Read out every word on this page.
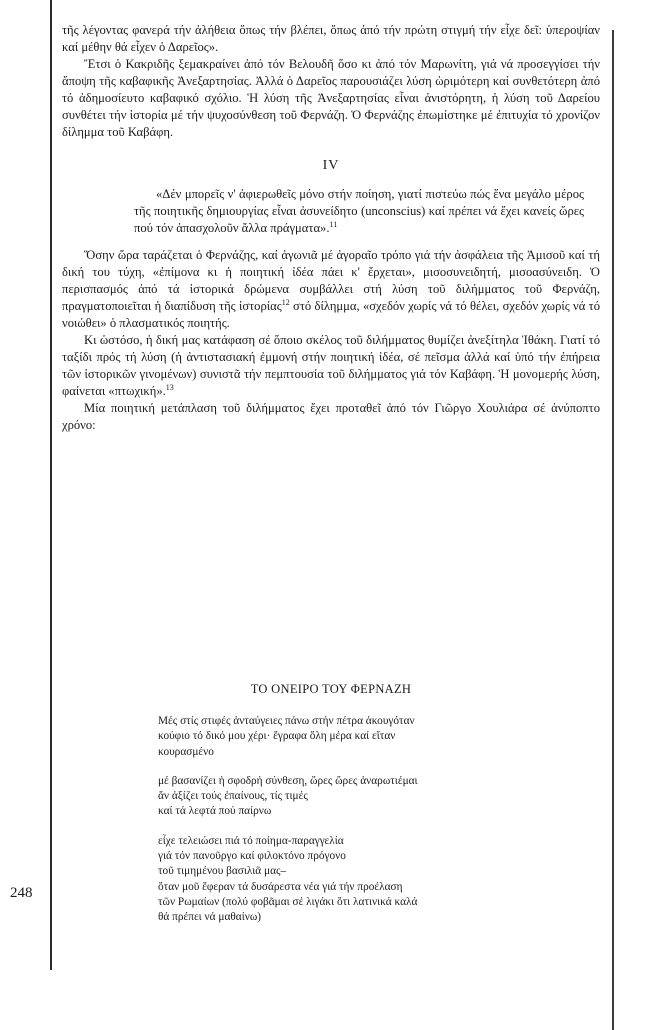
248

τῆς λέγοντας φανερά τήν ἀλήθεια ὅπως τήν βλέπει, ὅπως ἀπό τήν πρώτη στιγμή τήν εἶχε δεῖ: ὑπεροψίαν καί μέθην θά εἶχεν ὁ Δαρεῖος».

Ἔτσι ὁ Κακριδῆς ξεμακραίνει ἀπό τόν Βελουδῆ ὅσο κι ἀπό τόν Μαρωνίτη, γιά νά προσεγγίσει τήν ἄποψη τῆς καβαφικῆς Ἀνεξαρτησίας. Ἀλλά ὁ Δαρεῖος παρουσιάζει λύση ὡριμότερη καί συνθετότερη ἀπό τό ἀδημοσίευτο καβαφικό σχόλιο. Ἡ λύση τῆς Ἀνεξαρτησίας εἶναι ἀνιστόρητη, ἡ λύση τοῦ Δαρείου συνθέτει τήν ἱστορία μέ τήν ψυχοσύνθεση τοῦ Φερνάζη. Ὁ Φερνάζης ἐπωμίστηκε μέ ἐπιτυχία τό χρονίζον δίλημμα τοῦ Καβάφη.

IV

«Δέν μπορεῖς ν' ἀφιερωθεῖς μόνο στήν ποίηση, γιατί πιστεύω πώς ἕνα μεγάλο μέρος τῆς ποιητικῆς δημιουργίας εἶναι ἀσυνείδητο (unconscius) καί πρέπει νά ἔχει κανείς ὥρες πού τόν ἀπασχολοῦν ἄλλα πράγματα».$^{11}$

Ὅσην ὥρα ταράζεται ὁ Φερνάζης, καί ἀγωνιᾶ μέ ἀγοραῖο τρόπο γιά τήν ἀσφάλεια τῆς Ἀμισοῦ καί τή δική του τύχη, «ἐπίμονα κι ἡ ποιητική ἰδέα πάει κ' ἔρχεται», μισοσυνειδητή, μισοασύνειδη. Ὁ περισπασμός ἀπό τά ἱστορικά δρώμενα συμβάλλει στή λύση τοῦ διλήμματος τοῦ Φερνάζη, πραγματοποιεῖται ἡ διαπίδυση τῆς ἱστορίας$^{12}$ στό δίλημμα, «σχεδόν χωρίς νά τό θέλει, σχεδόν χωρίς νά τό νοιώθει» ὁ πλασματικός ποιητής.

Κι ὡστόσο, ἡ δική μας κατάφαση σέ ὅποιο σκέλος τοῦ διλήμματος θυμίζει ἀνεξίτηλα Ἰθάκη. Γιατί τό ταξίδι πρός τή λύση (ἡ ἀντιστασιακή ἐμμονή στήν ποιητική ἰδέα, σέ πεῖσμα ἀλλά καί ὑπό τήν ἐπήρεια τῶν ἱστορικῶν γινομένων) συνιστᾶ τήν πεμπτουσία τοῦ διλήμματος γιά τόν Καβάφη. Ἡ μονομερής λύση, φαίνεται «πτωχική».$^{13}$

Μία ποιητική μετάπλαση τοῦ διλήμματος ἔχει προταθεῖ ἀπό τόν Γιῶργο Χουλιάρα σέ ἀνύποπτο χρόνο:

ΤΟ ΟΝΕΙΡΟ ΤΟΥ ΦΕΡΝΑΖΗ
Μές στίς στιφές ἀνταύγειες πάνω στήν πέτρα ἀκουγόταν
κούφιο τό δικό μου χέρι· ἔγραφα ὅλη μέρα καί εἴταν
κουρασμένο
μέ βασανίζει ἡ σφοδρή σύνθεση, ὥρες ὥρες ἀναρωτιέμαι
ἄν ἀξίζει τούς ἐπαίνους, τίς τιμές
καί τά λεφτά πού παίρνω
εἶχε τελειώσει πιά τό ποίημα-παραγγελία
γιά τόν πανοῦργο καί φιλοκτόνο πρόγονο
τοῦ τιμημένου βασιλιᾶ μας–
ὅταν μοῦ ἔφεραν τά δυσάρεστα νέα γιά τήν προέλαση
τῶν Ρωμαίων (πολύ φοβᾶμαι σέ λιγάκι ὅτι λατινικά καλά
θά πρέπει νά μαθαίνω)
